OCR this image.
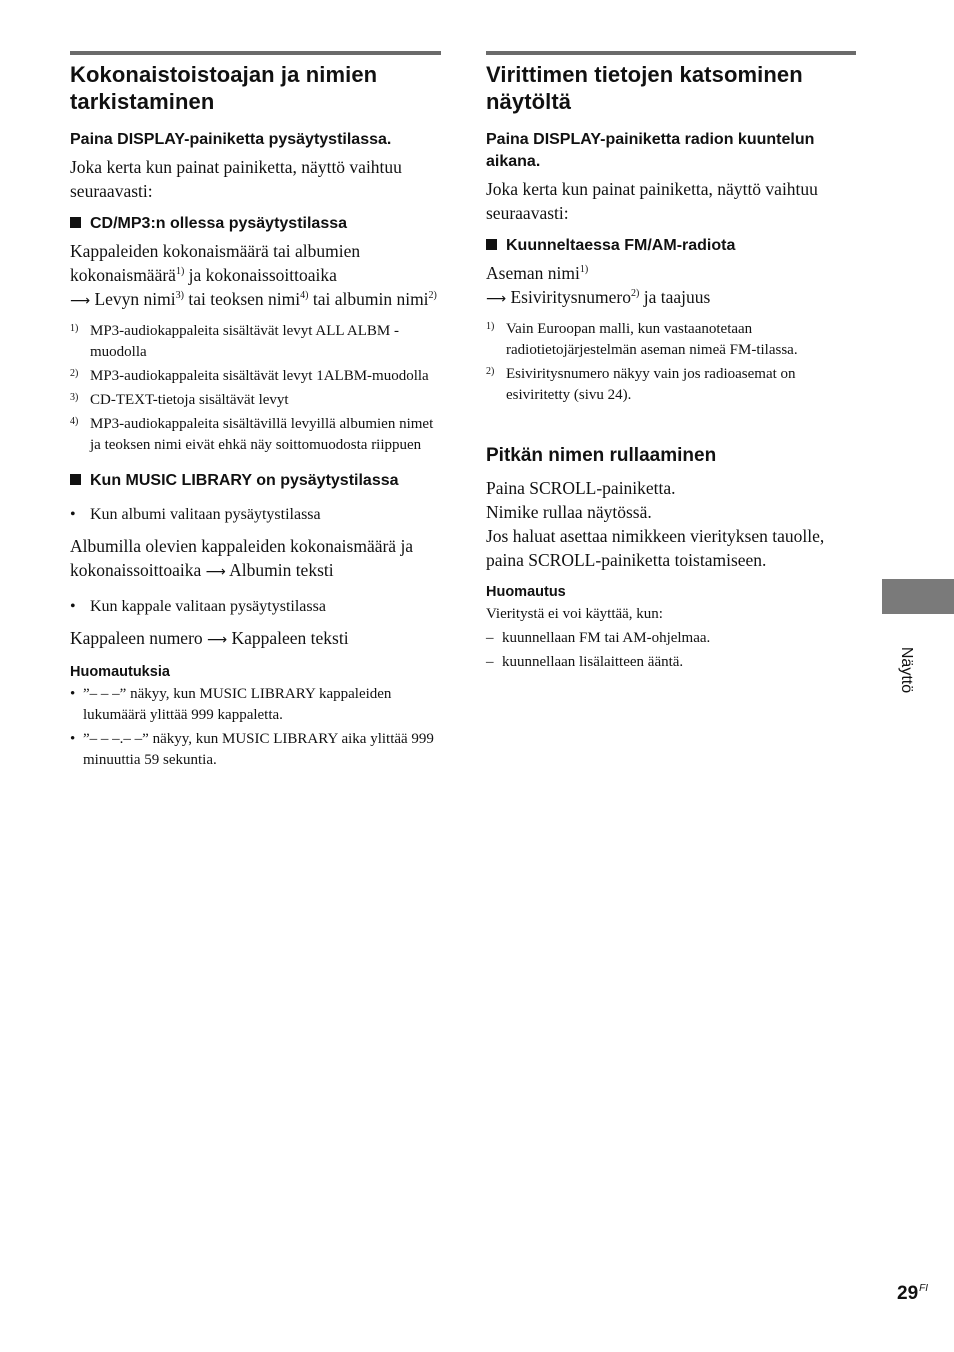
Kokonaistoistoajan ja nimien tarkistaminen

Paina DISPLAY-painiketta pysäytystilassa.

Joka kerta kun painat painiketta, näyttö vaihtuu seuraavasti:

CD/MP3:n ollessa pysäytystilassa

Kappaleiden kokonaismäärä tai albumien kokonaismäärä$^{1)}$ ja kokonaissoittoaika
⟶ Levyn nimi$^{3)}$ tai teoksen nimi$^{4)}$ tai albumin nimi$^{2)}$

1) MP3-audiokappaleita sisältävät levyt ALL ALBM -muodolla
2) MP3-audiokappaleita sisältävät levyt 1ALBM-muodolla
3) CD-TEXT-tietoja sisältävät levyt
4) MP3-audiokappaleita sisältävillä levyillä albumien nimet ja teoksen nimi eivät ehkä näy soittomuodosta riippuen
Kun MUSIC LIBRARY on pysäytystilassa
• Kun albumi valitaan pysäytystilassa

Albumilla olevien kappaleiden kokonaismäärä ja kokonaissoittoaika ⟶ Albumin teksti

• Kun kappale valitaan pysäytystilassa

Kappaleen numero ⟶ Kappaleen teksti

Huomautuksia
• ”– – –” näkyy, kun MUSIC LIBRARY kappaleiden lukumäärä ylittää 999 kappaletta.
• ”– – –.– –” näkyy, kun MUSIC LIBRARY aika ylittää 999 minuuttia 59 sekuntia.
Virittimen tietojen katsominen näytöltä

Paina DISPLAY-painiketta radion kuuntelun aikana.

Joka kerta kun painat painiketta, näyttö vaihtuu seuraavasti:

Kuunneltaessa FM/AM-radiota

Aseman nimi$^{1)}$
⟶ Esiviritysnumero$^{2)}$ ja taajuus

1) Vain Euroopan malli, kun vastaanotetaan radiotietojärjestelmän aseman nimeä FM-tilassa.
2) Esiviritysnumero näkyy vain jos radioasemat on esiviritetty (sivu 24).
Pitkän nimen rullaaminen
Paina SCROLL-painiketta.
Nimike rullaa näytössä.
Jos haluat asettaa nimikkeen vierityksen tauolle, paina SCROLL-painiketta toistamiseen.
Huomautus
Vieritystä ei voi käyttää, kun:
– kuunnellaan FM tai AM-ohjelmaa.
– kuunnellaan lisälaitteen ääntä.	Näyttö
$29^{FI}$
